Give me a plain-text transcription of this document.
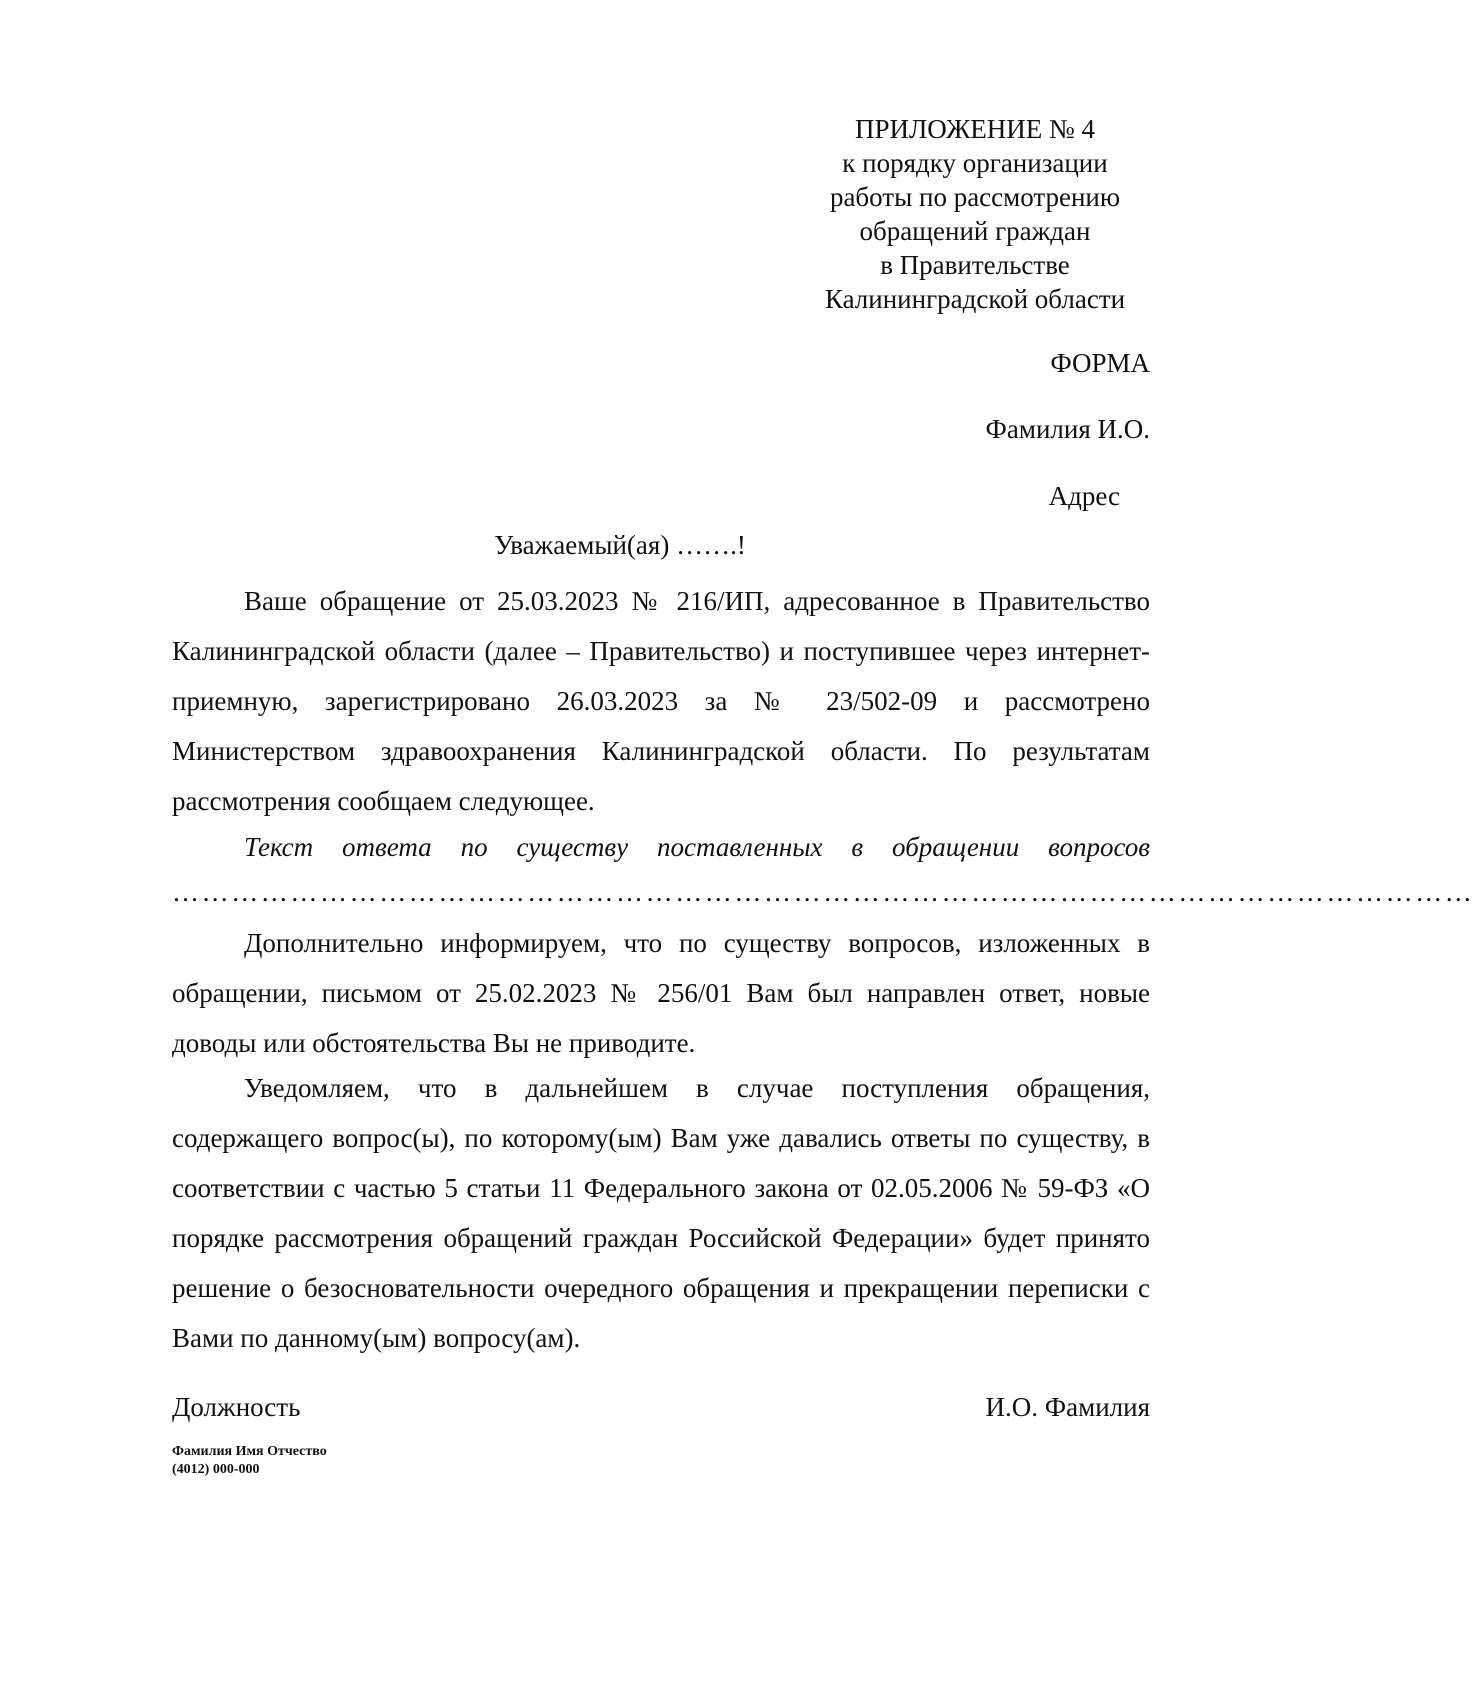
ПРИЛОЖЕНИЕ № 4
к порядку организации
работы по рассмотрению
обращений граждан
в Правительстве
Калининградской области
ФОРМА
Фамилия И.О.
Адрес
Уважаемый(ая) …….!
Ваше обращение от 25.03.2023 № 216/ИП, адресованное в Правительство Калининградской области (далее – Правительство) и поступившее через интернет-приемную, зарегистрировано 26.03.2023 за № 23/502-09 и рассмотрено Министерством здравоохранения Калининградской области. По результатам рассмотрения сообщаем следующее.
Текст ответа по существу поставленных в обращении вопросов
……………………………………………………………………………………………………………………
Дополнительно информируем, что по существу вопросов, изложенных в обращении, письмом от 25.02.2023 № 256/01 Вам был направлен ответ, новые доводы или обстоятельства Вы не приводите.
Уведомляем, что в дальнейшем в случае поступления обращения, содержащего вопрос(ы), по которому(ым) Вам уже давались ответы по существу, в соответствии с частью 5 статьи 11 Федерального закона от 02.05.2006 № 59-ФЗ «О порядке рассмотрения обращений граждан Российской Федерации» будет принято решение о безосновательности очередного обращения и прекращении переписки с Вами по данному(ым) вопросу(ам).
Должность	И.О. Фамилия
Фамилия Имя Отчество
(4012) 000-000
